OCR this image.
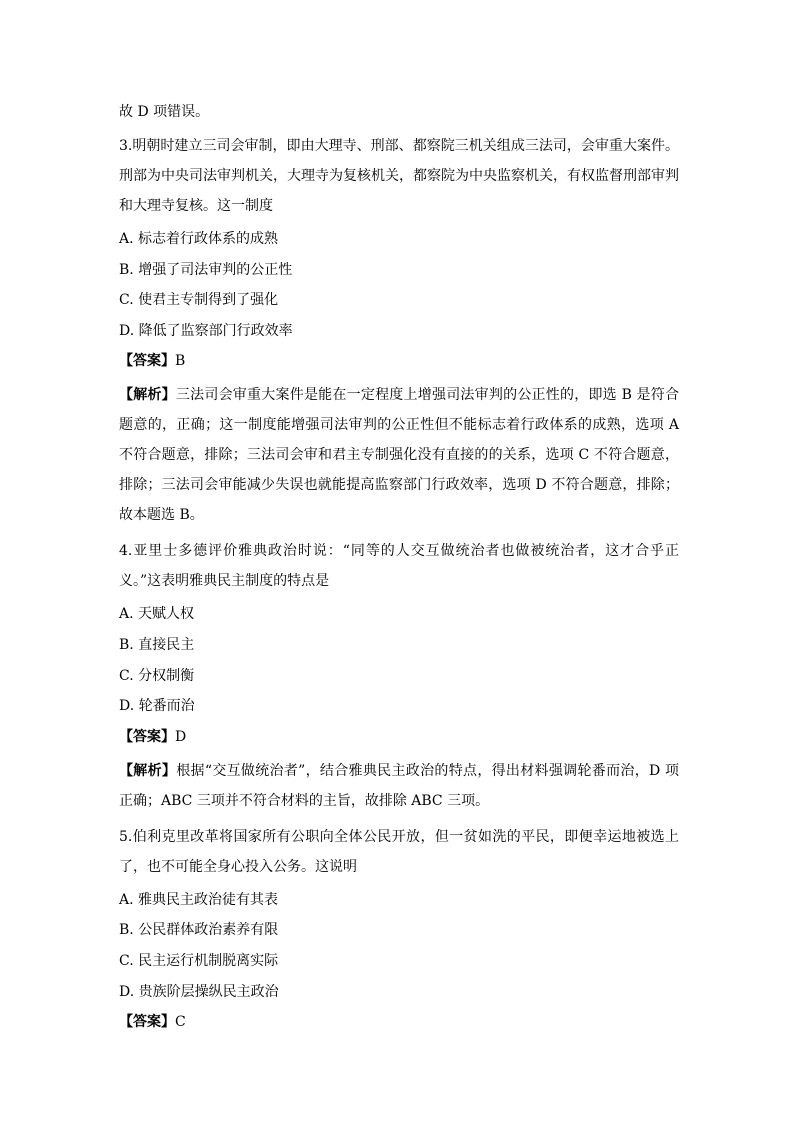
故 D 项错误。
3.明朝时建立三司会审制，即由大理寺、刑部、都察院三机关组成三法司，会审重大案件。刑部为中央司法审判机关，大理寺为复核机关，都察院为中央监察机关，有权监督刑部审判和大理寺复核。这一制度
A. 标志着行政体系的成熟
B. 增强了司法审判的公正性
C. 使君主专制得到了强化
D. 降低了监察部门行政效率
【答案】B
【解析】三法司会审重大案件是能在一定程度上增强司法审判的公正性的，即选 B 是符合题意的，正确；这一制度能增强司法审判的公正性但不能标志着行政体系的成熟，选项 A 不符合题意，排除；三法司会审和君主专制强化没有直接的的关系，选项 C 不符合题意，排除；三法司会审能减少失误也就能提高监察部门行政效率，选项 D 不符合题意，排除；故本题选 B。
4.亚里士多德评价雅典政治时说：“同等的人交互做统治者也做被统治者，这才合乎正义。”这表明雅典民主制度的特点是
A. 天赋人权
B. 直接民主
C. 分权制衡
D. 轮番而治
【答案】D
【解析】根据“交互做统治者”，结合雅典民主政治的特点，得出材料强调轮番而治，D 项正确；ABC 三项并不符合材料的主旨，故排除 ABC 三项。
5.伯利克里改革将国家所有公职向全体公民开放，但一贫如洗的平民，即便幸运地被选上了，也不可能全身心投入公务。这说明
A. 雅典民主政治徒有其表
B. 公民群体政治素养有限
C. 民主运行机制脱离实际
D. 贵族阶层操纵民主政治
【答案】C
